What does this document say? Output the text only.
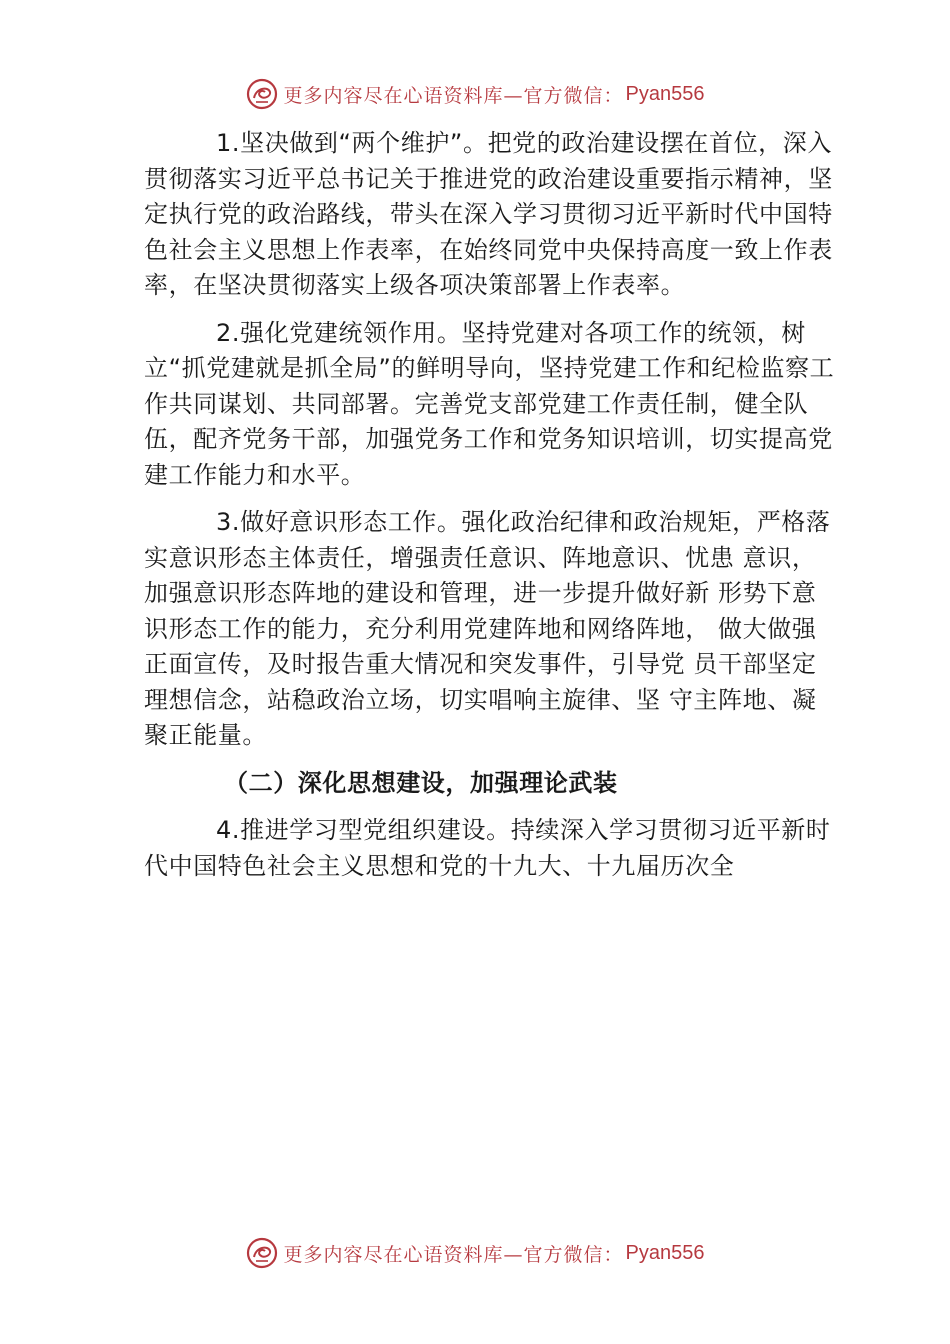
更多内容尽在心语资料库—官方微信： Pyan556

1.坚决做到“两个维护”。把党的政治建设摆在首位，深入贯彻落实习近平总书记关于推进党的政治建设重要指示精神，坚定执行党的政治路线，带头在深入学习贯彻习近平新时代中国特色社会主义思想上作表率，在始终同党中央保持高度一致上作表率，在坚决贯彻落实上级各项决策部署上作表率。

2.强化党建统领作用。坚持党建对各项工作的统领，树立“抓党建就是抓全局”的鲜明导向，坚持党建工作和纪检监察工作共同谋划、共同部署。完善党支部党建工作责任制，健全队伍，配齐党务干部，加强党务工作和党务知识培训，切实提高党建工作能力和水平。

3.做好意识形态工作。强化政治纪律和政治规矩，严格落实意识形态主体责任，增强责任意识、阵地意识、忧患 意识，加强意识形态阵地的建设和管理，进一步提升做好新 形势下意识形态工作的能力，充分利用党建阵地和网络阵地， 做大做强正面宣传，及时报告重大情况和突发事件，引导党 员干部坚定理想信念，站稳政治立场，切实唱响主旋律、坚 守主阵地、凝聚正能量。

（二）深化思想建设，加强理论武装

4.推进学习型党组织建设。持续深入学习贯彻习近平新时代中国特色社会主义思想和党的十九大、十九届历次全

更多内容尽在心语资料库—官方微信： Pyan556
